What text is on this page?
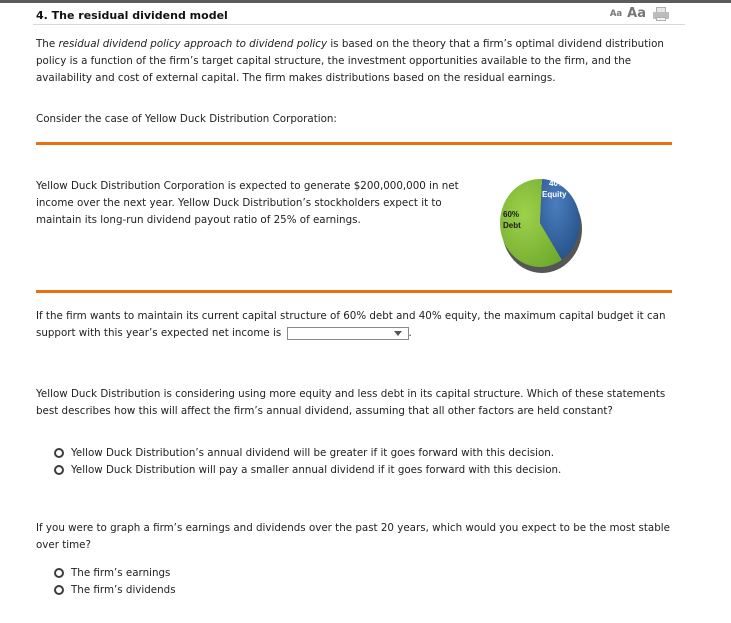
4. The residual dividend model	Aa Aa

The residual dividend policy approach to dividend policy is based on the theory that a firm’s optimal dividend distribution policy is a function of the firm’s target capital structure, the investment opportunities available to the firm, and the availability and cost of external capital. The firm makes distributions based on the residual earnings.

Consider the case of Yellow Duck Distribution Corporation:

Yellow Duck Distribution Corporation is expected to generate $200,000,000 in net income over the next year. Yellow Duck Distribution’s stockholders expect it to maintain its long-run dividend payout ratio of 25% of earnings.

40%
Equity
60%
Debt

If the firm wants to maintain its current capital structure of 60% debt and 40% equity, the maximum capital budget it can support with this year’s expected net income is	.

Yellow Duck Distribution is considering using more equity and less debt in its capital structure. Which of these statements best describes how this will affect the firm’s annual dividend, assuming that all other factors are held constant?

Yellow Duck Distribution’s annual dividend will be greater if it goes forward with this decision.
Yellow Duck Distribution will pay a smaller annual dividend if it goes forward with this decision.

If you were to graph a firm’s earnings and dividends over the past 20 years, which would you expect to be the most stable over time?

The firm’s earnings
The firm’s dividends
